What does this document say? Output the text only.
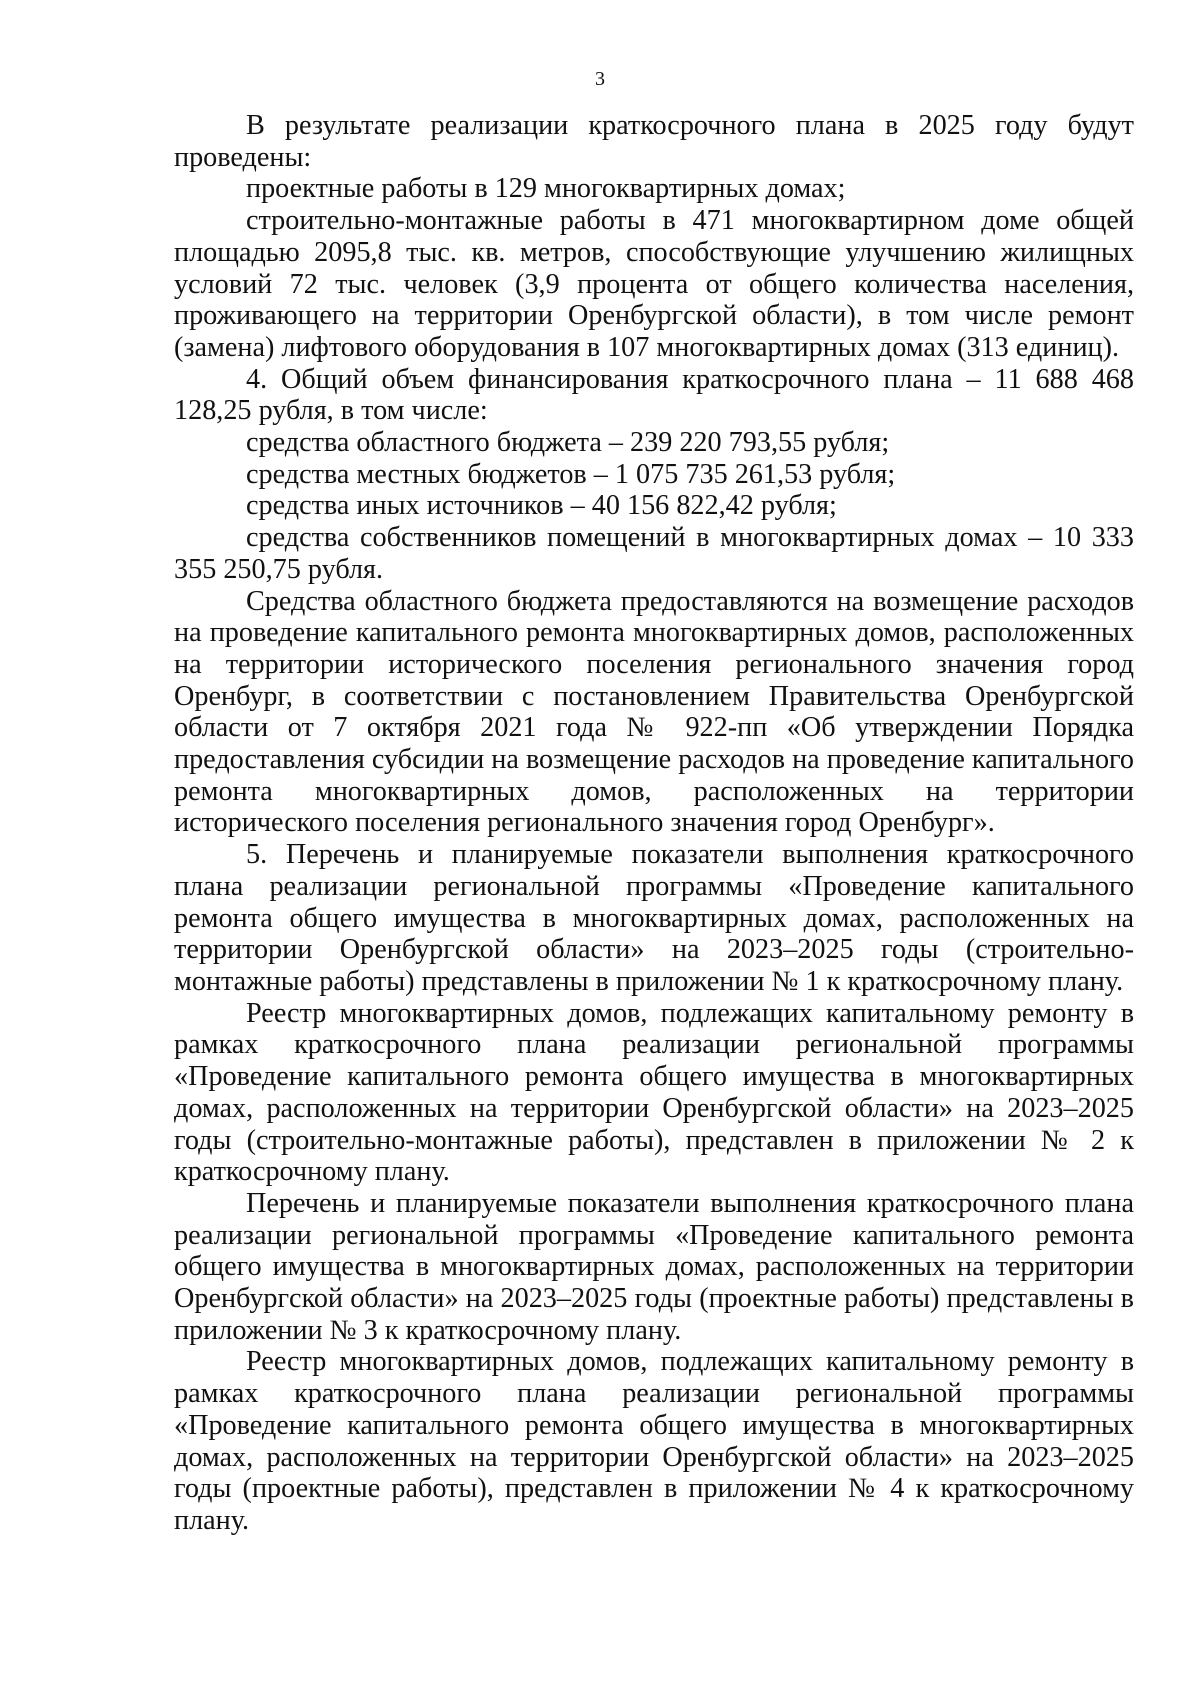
3

В результате реализации краткосрочного плана в 2025 году будут проведены:

проектные работы в 129 многоквартирных домах;

строительно-монтажные работы в 471 многоквартирном доме общей площадью 2095,8 тыс. кв. метров, способствующие улучшению жилищных условий 72 тыс. человек (3,9 процента от общего количества населения, проживающего на территории Оренбургской области), в том числе ремонт (замена) лифтового оборудования в 107 многоквартирных домах (313 единиц).

4. Общий объем финансирования краткосрочного плана – 11 688 468 128,25 рубля, в том числе:

средства областного бюджета – 239 220 793,55 рубля;

средства местных бюджетов – 1 075 735 261,53 рубля;

средства иных источников – 40 156 822,42 рубля;

средства собственников помещений в многоквартирных домах – 10 333 355 250,75 рубля.

Средства областного бюджета предоставляются на возмещение расходов на проведение капитального ремонта многоквартирных домов, расположенных на территории исторического поселения регионального значения город Оренбург, в соответствии с постановлением Правительства Оренбургской области от 7 октября 2021 года № 922-пп «Об утверждении Порядка предоставления субсидии на возмещение расходов на проведение капитального ремонта многоквартирных домов, расположенных на территории исторического поселения регионального значения город Оренбург».

5. Перечень и планируемые показатели выполнения краткосрочного плана реализации региональной программы «Проведение капитального ремонта общего имущества в многоквартирных домах, расположенных на территории Оренбургской области» на 2023–2025 годы (строительно-монтажные работы) представлены в приложении № 1 к краткосрочному плану.

Реестр многоквартирных домов, подлежащих капитальному ремонту в рамках краткосрочного плана реализации региональной программы «Проведение капитального ремонта общего имущества в многоквартирных домах, расположенных на территории Оренбургской области» на 2023–2025 годы (строительно-монтажные работы), представлен в приложении № 2 к краткосрочному плану.

Перечень и планируемые показатели выполнения краткосрочного плана реализации региональной программы «Проведение капитального ремонта общего имущества в многоквартирных домах, расположенных на территории Оренбургской области» на 2023–2025 годы (проектные работы) представлены в приложении № 3 к краткосрочному плану.

Реестр многоквартирных домов, подлежащих капитальному ремонту в рамках краткосрочного плана реализации региональной программы «Проведение капитального ремонта общего имущества в многоквартирных домах, расположенных на территории Оренбургской области» на 2023–2025 годы (проектные работы), представлен в приложении № 4 к краткосрочному плану.
